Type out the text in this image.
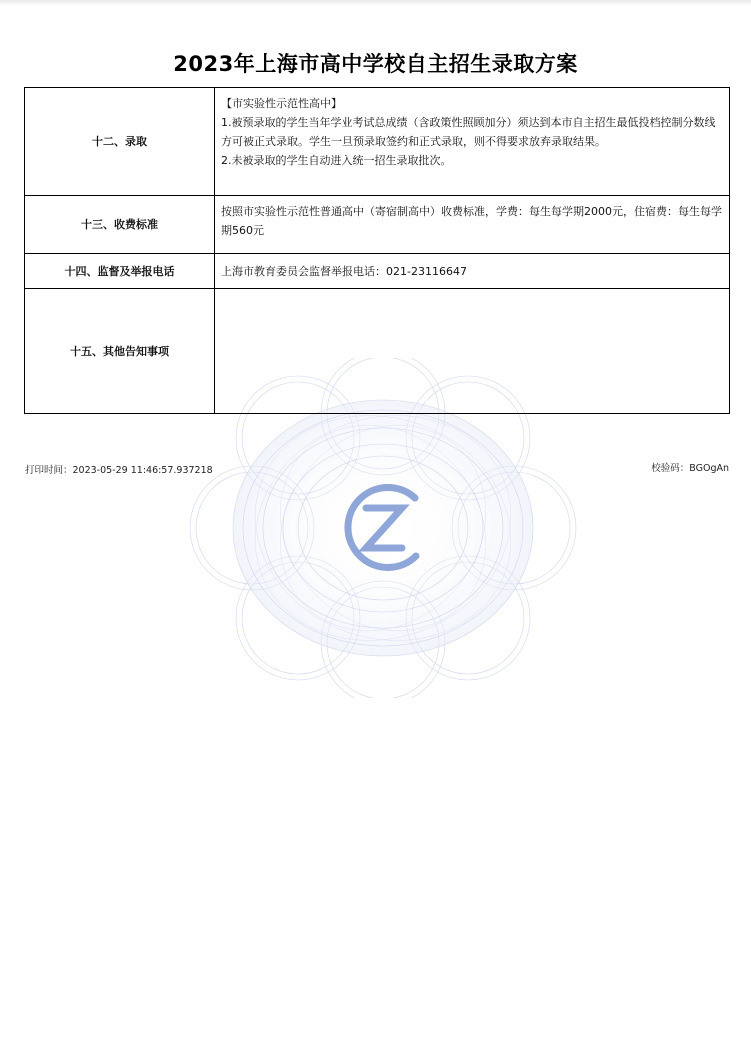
2023年上海市高中学校自主招生录取方案
十二、录取	【市实验性示范性高中】
1.被预录取的学生当年学业考试总成绩（含政策性照顾加分）须达到本市自主招生最低投档控制分数线方可被正式录取。学生一旦预录取签约和正式录取，则不得要求放弃录取结果。
2.未被录取的学生自动进入统一招生录取批次。

十三、收费标准	按照市实验性示范性普通高中（寄宿制高中）收费标准，学费：每生每学期2000元，住宿费：每生每学期560元

十四、监督及举报电话	上海市教育委员会监督举报电话：021-23116647

十五、其他告知事项	
打印时间：2023-05-29 11:46:57.937218	校验码：BGOgAn
